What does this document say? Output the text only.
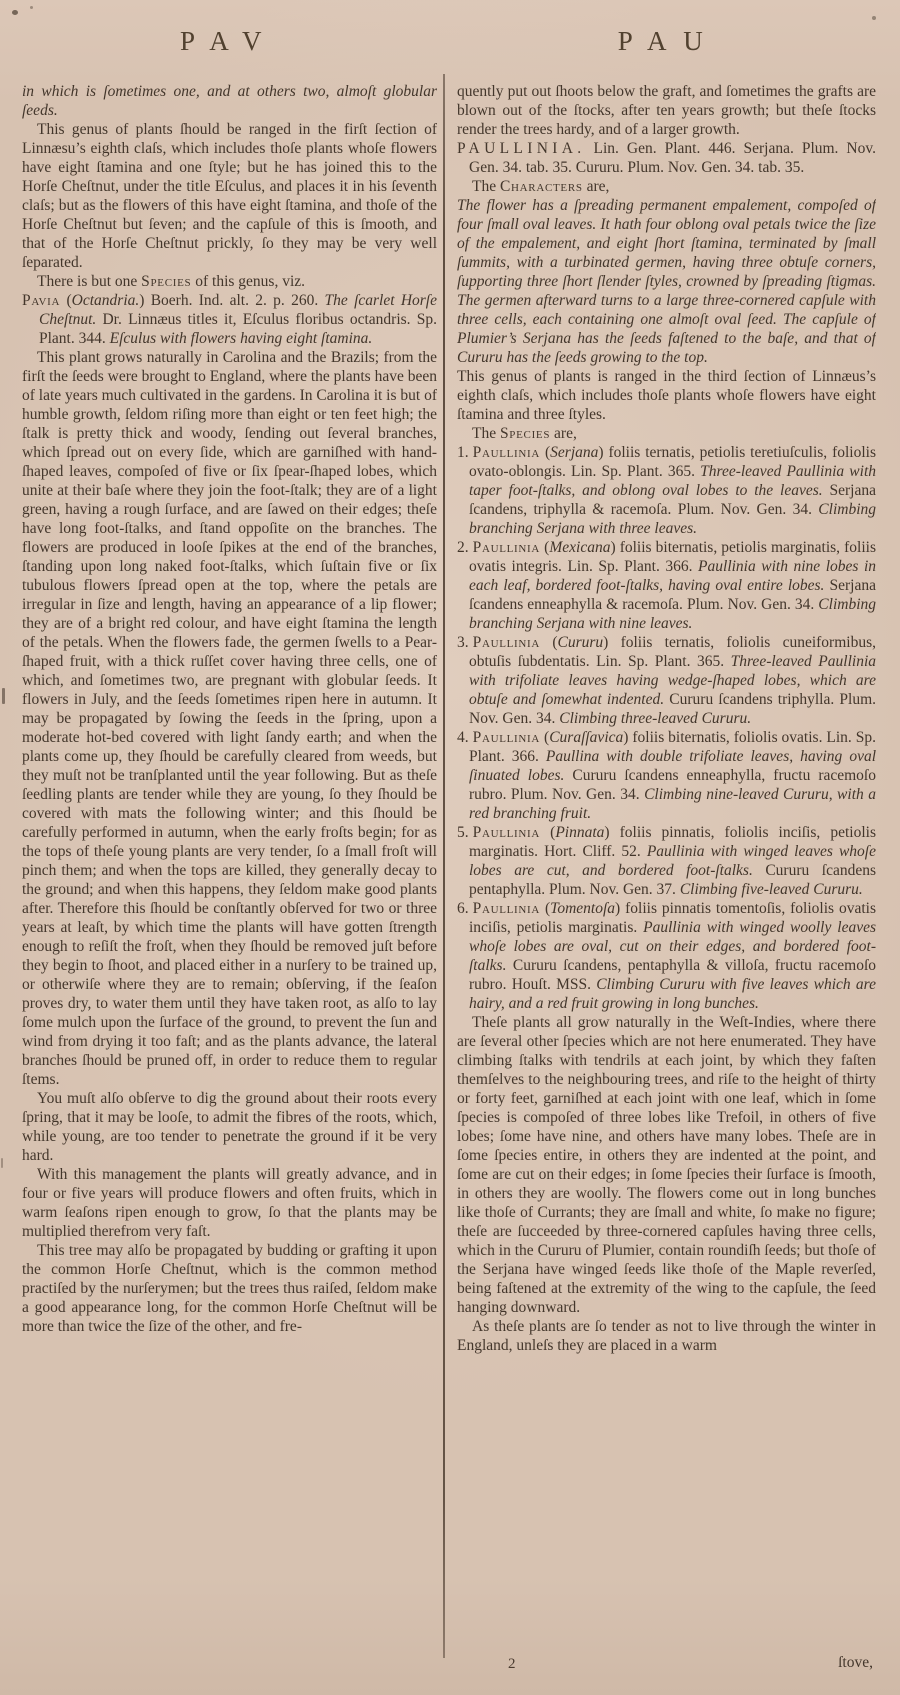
PAV	PAU

in which is ſometimes one, and at others two, almoſt globular ſeeds.

This genus of plants ſhould be ranged in the firſt ſection of Linnæsu’s eighth claſs, which includes thoſe plants whoſe flowers have eight ſtamina and one ſtyle; but he has joined this to the Horſe Cheſtnut, under the title Eſculus, and places it in his ſeventh claſs; but as the flowers of this have eight ſtamina, and thoſe of the Horſe Cheſtnut but ſeven; and the capſule of this is ſmooth, and that of the Horſe Cheſtnut prickly, ſo they may be very well ſeparated.

There is but one Species of this genus, viz.

Pavia (Octandria.) Boerh. Ind. alt. 2. p. 260. The ſcarlet Horſe Cheſtnut. Dr. Linnæus titles it, Eſculus floribus octandris. Sp. Plant. 344. Eſculus with flowers having eight ſtamina.

This plant grows naturally in Carolina and the Brazils; from the firſt the ſeeds were brought to England, where the plants have been of late years much cultivated in the gardens. In Carolina it is but of humble growth, ſeldom riſing more than eight or ten feet high; the ſtalk is pretty thick and woody, ſending out ſeveral branches, which ſpread out on every ſide, which are garniſhed with hand-ſhaped leaves, compoſed of five or ſix ſpear-ſhaped lobes, which unite at their baſe where they join the foot-ſtalk; they are of a light green, having a rough ſurface, and are ſawed on their edges; theſe have long foot-ſtalks, and ſtand oppoſite on the branches. The flowers are produced in looſe ſpikes at the end of the branches, ſtanding upon long naked foot-ſtalks, which ſuſtain five or ſix tubulous flowers ſpread open at the top, where the petals are irregular in ſize and length, having an appearance of a lip flower; they are of a bright red colour, and have eight ſtamina the length of the petals. When the flowers fade, the germen ſwells to a Pear-ſhaped fruit, with a thick ruſſet cover having three cells, one of which, and ſometimes two, are pregnant with globular ſeeds. It flowers in July, and the ſeeds ſometimes ripen here in autumn. It may be propagated by ſowing the ſeeds in the ſpring, upon a moderate hot-bed covered with light ſandy earth; and when the plants come up, they ſhould be carefully cleared from weeds, but they muſt not be tranſplanted until the year following. But as theſe ſeedling plants are tender while they are young, ſo they ſhould be covered with mats the following winter; and this ſhould be carefully performed in autumn, when the early froſts begin; for as the tops of theſe young plants are very tender, ſo a ſmall froſt will pinch them; and when the tops are killed, they generally decay to the ground; and when this happens, they ſeldom make good plants after. Therefore this ſhould be conſtantly obſerved for two or three years at leaſt, by which time the plants will have gotten ſtrength enough to reſiſt the froſt, when they ſhould be removed juſt before they begin to ſhoot, and placed either in a nurſery to be trained up, or otherwiſe where they are to remain; obſerving, if the ſeaſon proves dry, to water them until they have taken root, as alſo to lay ſome mulch upon the ſurface of the ground, to prevent the ſun and wind from drying it too faſt; and as the plants advance, the lateral branches ſhould be pruned off, in order to reduce them to regular ſtems.

You muſt alſo obſerve to dig the ground about their roots every ſpring, that it may be looſe, to admit the fibres of the roots, which, while young, are too tender to penetrate the ground if it be very hard.

With this management the plants will greatly advance, and in four or five years will produce flowers and often fruits, which in warm ſeaſons ripen enough to grow, ſo that the plants may be multiplied therefrom very faſt.

This tree may alſo be propagated by budding or grafting it upon the common Horſe Cheſtnut, which is the common method practiſed by the nurſerymen; but the trees thus raiſed, ſeldom make a good appearance long, for the common Horſe Cheſtnut will be more than twice the ſize of the other, and fre-

quently put out ſhoots below the graft, and ſometimes the grafts are blown out of the ſtocks, after ten years growth; but theſe ſtocks render the trees hardy, and of a larger growth.

PAULLINIA. Lin. Gen. Plant. 446. Serjana. Plum. Nov. Gen. 34. tab. 35. Cururu. Plum. Nov. Gen. 34. tab. 35.

The Characters are,

The flower has a ſpreading permanent empalement, compoſed of four ſmall oval leaves. It hath four oblong oval petals twice the ſize of the empalement, and eight ſhort ſtamina, terminated by ſmall ſummits, with a turbinated germen, having three obtuſe corners, ſupporting three ſhort ſlender ſtyles, crowned by ſpreading ſtigmas. The germen afterward turns to a large three-cornered capſule with three cells, each containing one almoſt oval ſeed. The capſule of Plumier’s Serjana has the ſeeds faſtened to the baſe, and that of Cururu has the ſeeds growing to the top.

This genus of plants is ranged in the third ſection of Linnæus’s eighth claſs, which includes thoſe plants whoſe flowers have eight ſtamina and three ſtyles.

The Species are,

1. Paullinia (Serjana) foliis ternatis, petiolis teretiuſculis, foliolis ovato-oblongis. Lin. Sp. Plant. 365. Three-leaved Paullinia with taper foot-ſtalks, and oblong oval lobes to the leaves. Serjana ſcandens, triphylla & racemoſa. Plum. Nov. Gen. 34. Climbing branching Serjana with three leaves.

2. Paullinia (Mexicana) foliis biternatis, petiolis marginatis, foliis ovatis integris. Lin. Sp. Plant. 366. Paullinia with nine lobes in each leaf, bordered foot-ſtalks, having oval entire lobes. Serjana ſcandens enneaphylla & racemoſa. Plum. Nov. Gen. 34. Climbing branching Serjana with nine leaves.

3. Paullinia (Cururu) foliis ternatis, foliolis cuneiformibus, obtuſis ſubdentatis. Lin. Sp. Plant. 365. Three-leaved Paullinia with trifoliate leaves having wedge-ſhaped lobes, which are obtuſe and ſomewhat indented. Cururu ſcandens triphylla. Plum. Nov. Gen. 34. Climbing three-leaved Cururu.

4. Paullinia (Curaſſavica) foliis biternatis, foliolis ovatis. Lin. Sp. Plant. 366. Paullina with double trifoliate leaves, having oval ſinuated lobes. Cururu ſcandens enneaphylla, fructu racemoſo rubro. Plum. Nov. Gen. 34. Climbing nine-leaved Cururu, with a red branching fruit.

5. Paullinia (Pinnata) foliis pinnatis, foliolis inciſis, petiolis marginatis. Hort. Cliff. 52. Paullinia with winged leaves whoſe lobes are cut, and bordered foot-ſtalks. Cururu ſcandens pentaphylla. Plum. Nov. Gen. 37. Climbing five-leaved Cururu.

6. Paullinia (Tomentoſa) foliis pinnatis tomentoſis, foliolis ovatis inciſis, petiolis marginatis. Paullinia with winged woolly leaves whoſe lobes are oval, cut on their edges, and bordered foot-ſtalks. Cururu ſcandens, pentaphylla & villoſa, fructu racemoſo rubro. Houſt. MSS. Climbing Cururu with five leaves which are hairy, and a red fruit growing in long bunches.

Theſe plants all grow naturally in the Weſt-Indies, where there are ſeveral other ſpecies which are not here enumerated. They have climbing ſtalks with tendrils at each joint, by which they faſten themſelves to the neighbouring trees, and riſe to the height of thirty or forty feet, garniſhed at each joint with one leaf, which in ſome ſpecies is compoſed of three lobes like Trefoil, in others of five lobes; ſome have nine, and others have many lobes. Theſe are in ſome ſpecies entire, in others they are indented at the point, and ſome are cut on their edges; in ſome ſpecies their ſurface is ſmooth, in others they are woolly. The flowers come out in long bunches like thoſe of Currants; they are ſmall and white, ſo make no figure; theſe are ſucceeded by three-cornered capſules having three cells, which in the Cururu of Plumier, contain roundiſh ſeeds; but thoſe of the Serjana have winged ſeeds like thoſe of the Maple reverſed, being faſtened at the extremity of the wing to the capſule, the ſeed hanging downward.

As theſe plants are ſo tender as not to live through the winter in England, unleſs they are placed in a warm

2	ſtove,
